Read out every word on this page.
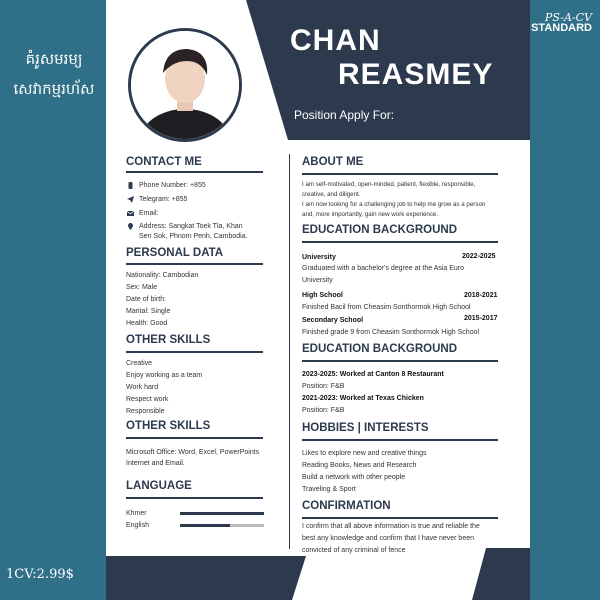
គំរូសមរម្យ
សេវាកម្មរហ័ស
1CV:2.99$
PS-A-CV
STANDARD
CHAN
REASMEY
Position Apply For:
CONTACT ME
Phone Number: +855
Telegram: +855
Email:
Address: Sangkat Toek Tla, Khan
Sen Sok, Phnom Penh, Cambodia.
PERSONAL DATA
Nationality: Cambodian
Sex: Male
Date of birth:
Marital: Single
Health: Good
OTHER SKILLS
Creative
Enjoy working as a team
Work hard
Respect work
Responsible
OTHER SKILLS
Microsoft Office: Word, Excel, PowerPoints
Internet and Email.
LANGUAGE
Khmer
English
ABOUT ME
I am self-motivated, open-minded, patient, flexible, responsible,
creative, and diligent.
I am now looking for a challenging job to help me grow as a person
and, more importantly, gain new work experience.
EDUCATION BACKGROUND
University	2022-2025
Graduated with a bachelor's degree at the Asia Euro
University
High School	2018-2021
Finished Bacil from Cheasim Sonthormok High School
Secondary School	2015-2017
Finished grade 9 from Cheasim Sonthormok High School
EDUCATION BACKGROUND
2023-2025: Worked at Canton 8 Restaurant
Position: F&B
2021-2023: Worked at Texas Chicken
Position: F&B
HOBBIES | INTERESTS
Likes to explore new and creative things
Reading Books, News and Research
Build a network with other people
Traveling & Sport
CONFIRMATION
I confirm that all above information is true and reliable the
best any knowledge and confirm that I have never been
convicted of any criminal of fence
